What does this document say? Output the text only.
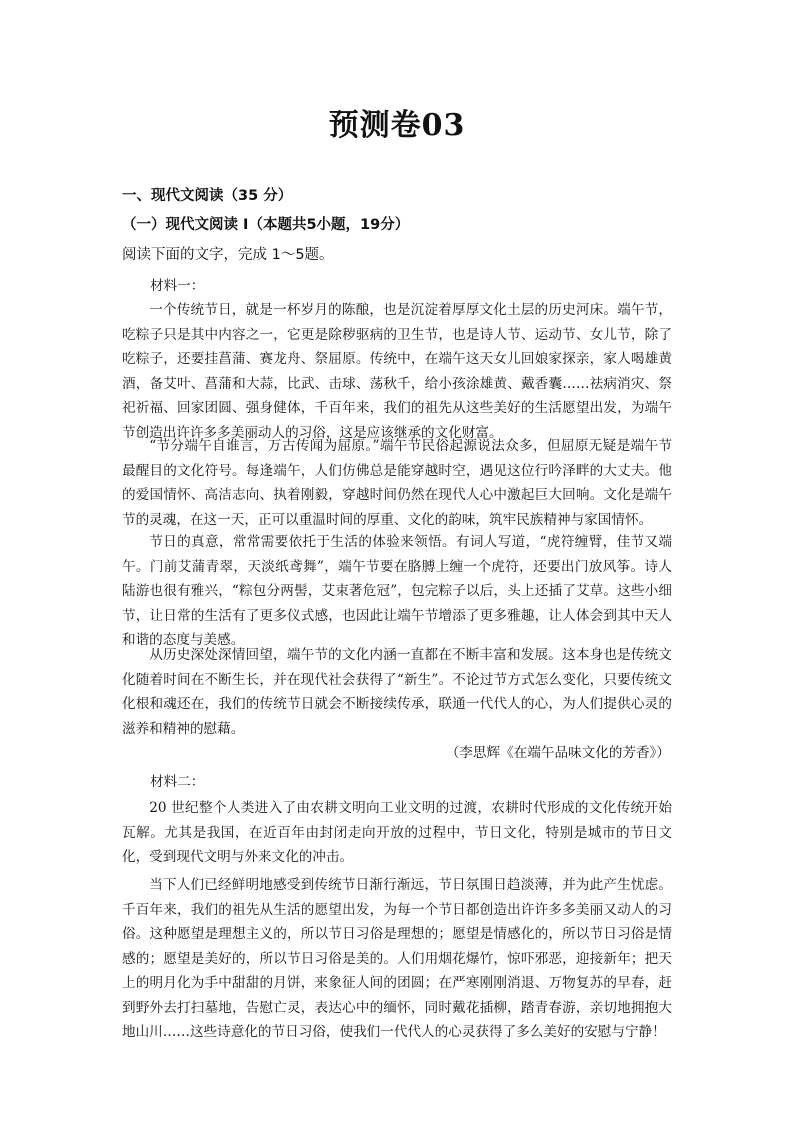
预测卷03
一、现代文阅读（35 分）
（一）现代文阅读 I（本题共5小题，19分）
阅读下面的文字，完成 1～5题。
材料一：

一个传统节日，就是一杯岁月的陈酿，也是沉淀着厚厚文化土层的历史河床。端午节，吃粽子只是其中内容之一，它更是除秽驱病的卫生节，也是诗人节、运动节、女儿节，除了吃粽子，还要挂菖蒲、赛龙舟、祭屈原。传统中，在端午这天女儿回娘家探亲，家人喝雄黄酒，备艾叶、菖蒲和大蒜，比武、击球、荡秋千，给小孩涂雄黄、戴香囊……祛病消灾、祭祀祈福、回家团圆、强身健体，千百年来，我们的祖先从这些美好的生活愿望出发，为端午节创造出许许多多美丽动人的习俗，这是应该继承的文化财富。

“节分端午自谁言，万古传闻为屈原。”端午节民俗起源说法众多，但屈原无疑是端午节最醒目的文化符号。每逢端午，人们仿佛总是能穿越时空，遇见这位行吟泽畔的大丈夫。他的爱国情怀、高洁志向、执着刚毅，穿越时间仍然在现代人心中激起巨大回响。文化是端午节的灵魂，在这一天，正可以重温时间的厚重、文化的韵味，筑牢民族精神与家国情怀。

节日的真意，常常需要依托于生活的体验来领悟。有词人写道，“虎符缠臂，佳节又端午。门前艾蒲青翠，天淡纸鸢舞”，端午节要在胳膊上缠一个虎符，还要出门放风筝。诗人陆游也很有雅兴，“粽包分两髻，艾束著危冠”，包完粽子以后，头上还插了艾草。这些小细节，让日常的生活有了更多仪式感，也因此让端午节增添了更多雅趣，让人体会到其中天人和谐的态度与美感。

从历史深处深情回望，端午节的文化内涵一直都在不断丰富和发展。这本身也是传统文化随着时间在不断生长，并在现代社会获得了“新生”。不论过节方式怎么变化，只要传统文化根和魂还在，我们的传统节日就会不断接续传承，联通一代代人的心，为人们提供心灵的滋养和精神的慰藉。

（李思辉《在端午品味文化的芳香》）
材料二：

20 世纪整个人类进入了由农耕文明向工业文明的过渡，农耕时代形成的文化传统开始瓦解。尤其是我国，在近百年由封闭走向开放的过程中，节日文化，特别是城市的节日文化，受到现代文明与外来文化的冲击。

当下人们已经鲜明地感受到传统节日渐行渐远，节日氛围日趋淡薄，并为此产生忧虑。千百年来，我们的祖先从生活的愿望出发，为每一个节日都创造出许许多多美丽又动人的习俗。这种愿望是理想主义的，所以节日习俗是理想的；愿望是情感化的，所以节日习俗是情感的；愿望是美好的，所以节日习俗是美的。人们用烟花爆竹，惊吓邪恶，迎接新年；把天上的明月化为手中甜甜的月饼，来象征人间的团圆；在严寒刚刚消退、万物复苏的早春，赶到野外去打扫墓地，告慰亡灵，表达心中的缅怀，同时戴花插柳，踏青春游，亲切地拥抱大地山川……这些诗意化的节日习俗，使我们一代代人的心灵获得了多么美好的安慰与宁静！
